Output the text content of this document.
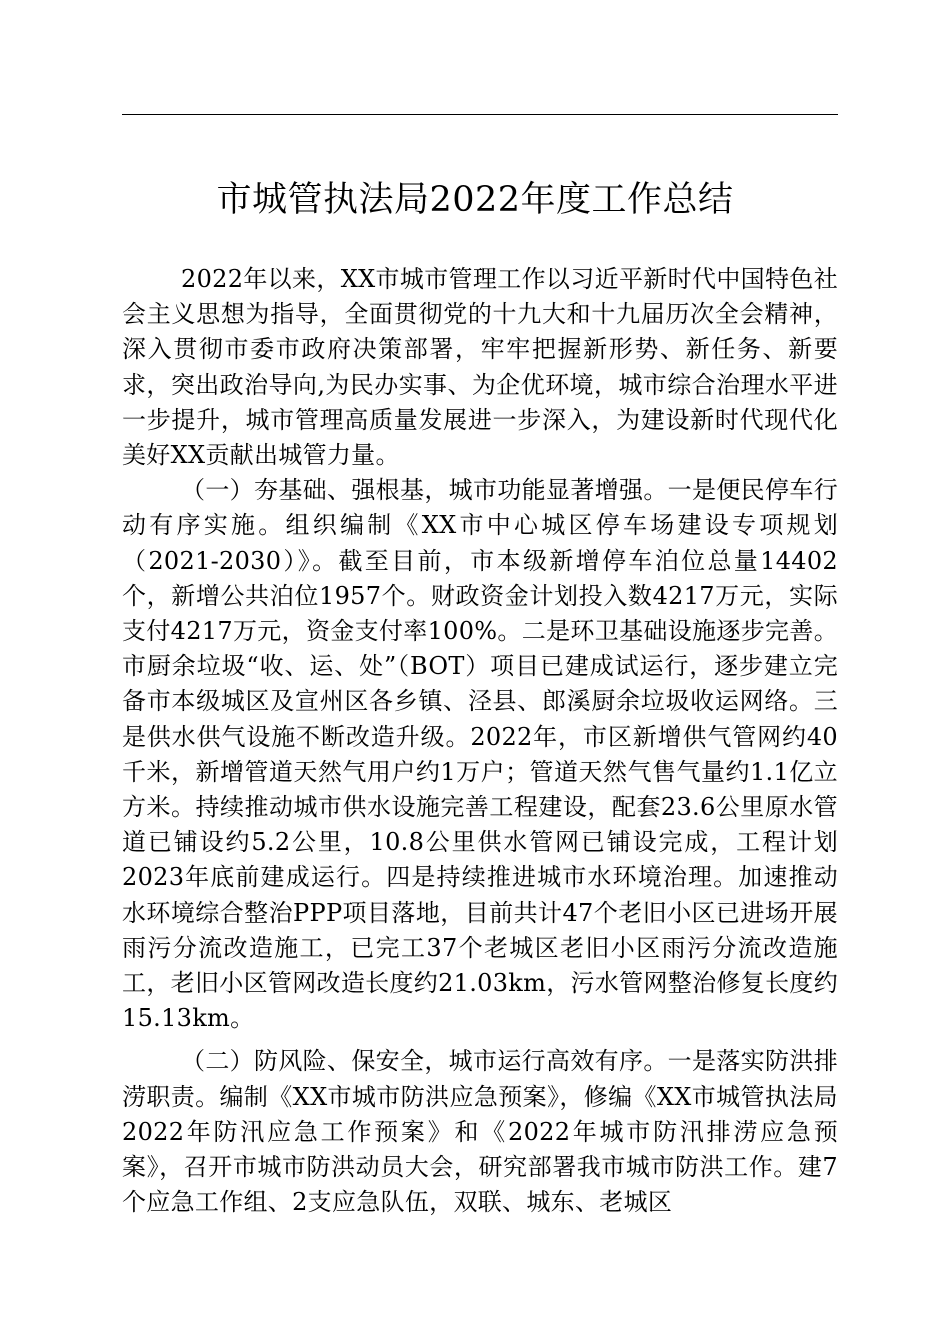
市城管执法局2022年度工作总结

2022年以来，XX市城市管理工作以习近平新时代中国特色社会主义思想为指导，全面贯彻党的十九大和十九届历次全会精神，深入贯彻市委市政府决策部署，牢牢把握新形势、新任务、新要求，突出政治导向,为民办实事、为企优环境，城市综合治理水平进一步提升，城市管理高质量发展进一步深入，为建设新时代现代化美好XX贡献出城管力量。

（一）夯基础、强根基，城市功能显著增强。一是便民停车行动有序实施。组织编制《XX市中心城区停车场建设专项规划（2021-2030）》。截至目前，市本级新增停车泊位总量14402个，新增公共泊位1957个。财政资金计划投入数4217万元，实际支付4217万元，资金支付率100%。二是环卫基础设施逐步完善。市厨余垃圾“收、运、处”（BOT）项目已建成试运行，逐步建立完备市本级城区及宣州区各乡镇、泾县、郎溪厨余垃圾收运网络。三是供水供气设施不断改造升级。2022年，市区新增供气管网约40千米，新增管道天然气用户约1万户；管道天然气售气量约1.1亿立方米。持续推动城市供水设施完善工程建设，配套23.6公里原水管道已铺设约5.2公里，10.8公里供水管网已铺设完成，工程计划2023年底前建成运行。四是持续推进城市水环境治理。加速推动水环境综合整治PPP项目落地，目前共计47个老旧小区已进场开展雨污分流改造施工，已完工37个老城区老旧小区雨污分流改造施工，老旧小区管网改造长度约21.03km，污水管网整治修复长度约15.13km。

（二）防风险、保安全，城市运行高效有序。一是落实防洪排涝职责。编制《XX市城市防洪应急预案》，修编《XX市城管执法局2022年防汛应急工作预案》和《2022年城市防汛排涝应急预案》，召开市城市防洪动员大会，研究部署我市城市防洪工作。建7个应急工作组、2支应急队伍，双联、城东、老城区
